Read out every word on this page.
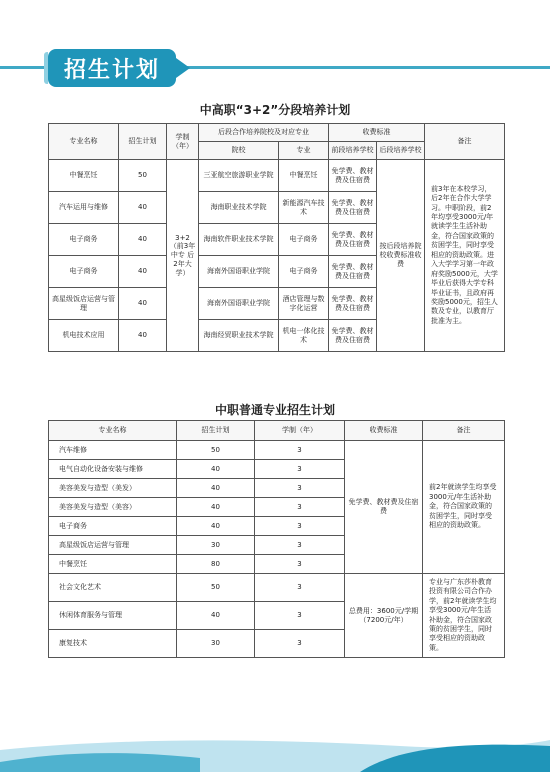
招生计划
中高职“3+2”分段培养计划
专业名称	招生计划	学制（年）	后段合作培养院校及对应专业		收费标准		备注
			院校	专业	前段培养学校	后段培养学校	
中餐烹饪	50	3+2（前3年中专 后2年大学）	三亚航空旅游职业学院	中餐烹饪	免学费、教材费及住宿费	按后段培养院校收费标准收费	前3年在本校学习，后2年在合作大学学习。中职阶段，前2年均享受3000元/年就读学生生活补助金，符合国家政策的贫困学生，同时享受相应的资助政策。进入大学学习第一年政府奖励5000元，大学毕业后获得大学专科毕业证书，且政府再奖励5000元，招生人数及专业，以教育厅批准为主。
汽车运用与维修	40		海南职业技术学院	新能源汽车技术	免学费、教材费及住宿费		
电子商务	40		海南软件职业技术学院	电子商务	免学费、教材费及住宿费		
电子商务	40		海南外国语职业学院	电子商务	免学费、教材费及住宿费		
高星级饭店运营与管理	40		海南外国语职业学院	酒店管理与数字化运营	免学费、教材费及住宿费		
机电技术应用	40		海南经贸职业技术学院	机电一体化技术	免学费、教材费及住宿费		
中职普通专业招生计划
专业名称	招生计划	学制（年）	收费标准	备注
汽车维修	50	3	免学费、教材费及住宿费	前2年就读学生均享受3000元/年生活补助金，符合国家政策的贫困学生，同时享受相应的资助政策。
电气自动化设备安装与维修	40	3		
美容美发与造型（美发）	40	3		
美容美发与造型（美容）	40	3		
电子商务	40	3		
高星级饭店运营与管理	30	3		
中餐烹饪	80	3		
社会文化艺术	50	3	总费用：3600元/学期（7200元/年）	专业与广东莎朴教育投资有限公司合作办学，前2年就读学生均享受3000元/年生活补助金，符合国家政策的贫困学生，同时享受相应的资助政策。
休闲体育服务与管理	40	3		
康复技术	30	3		
